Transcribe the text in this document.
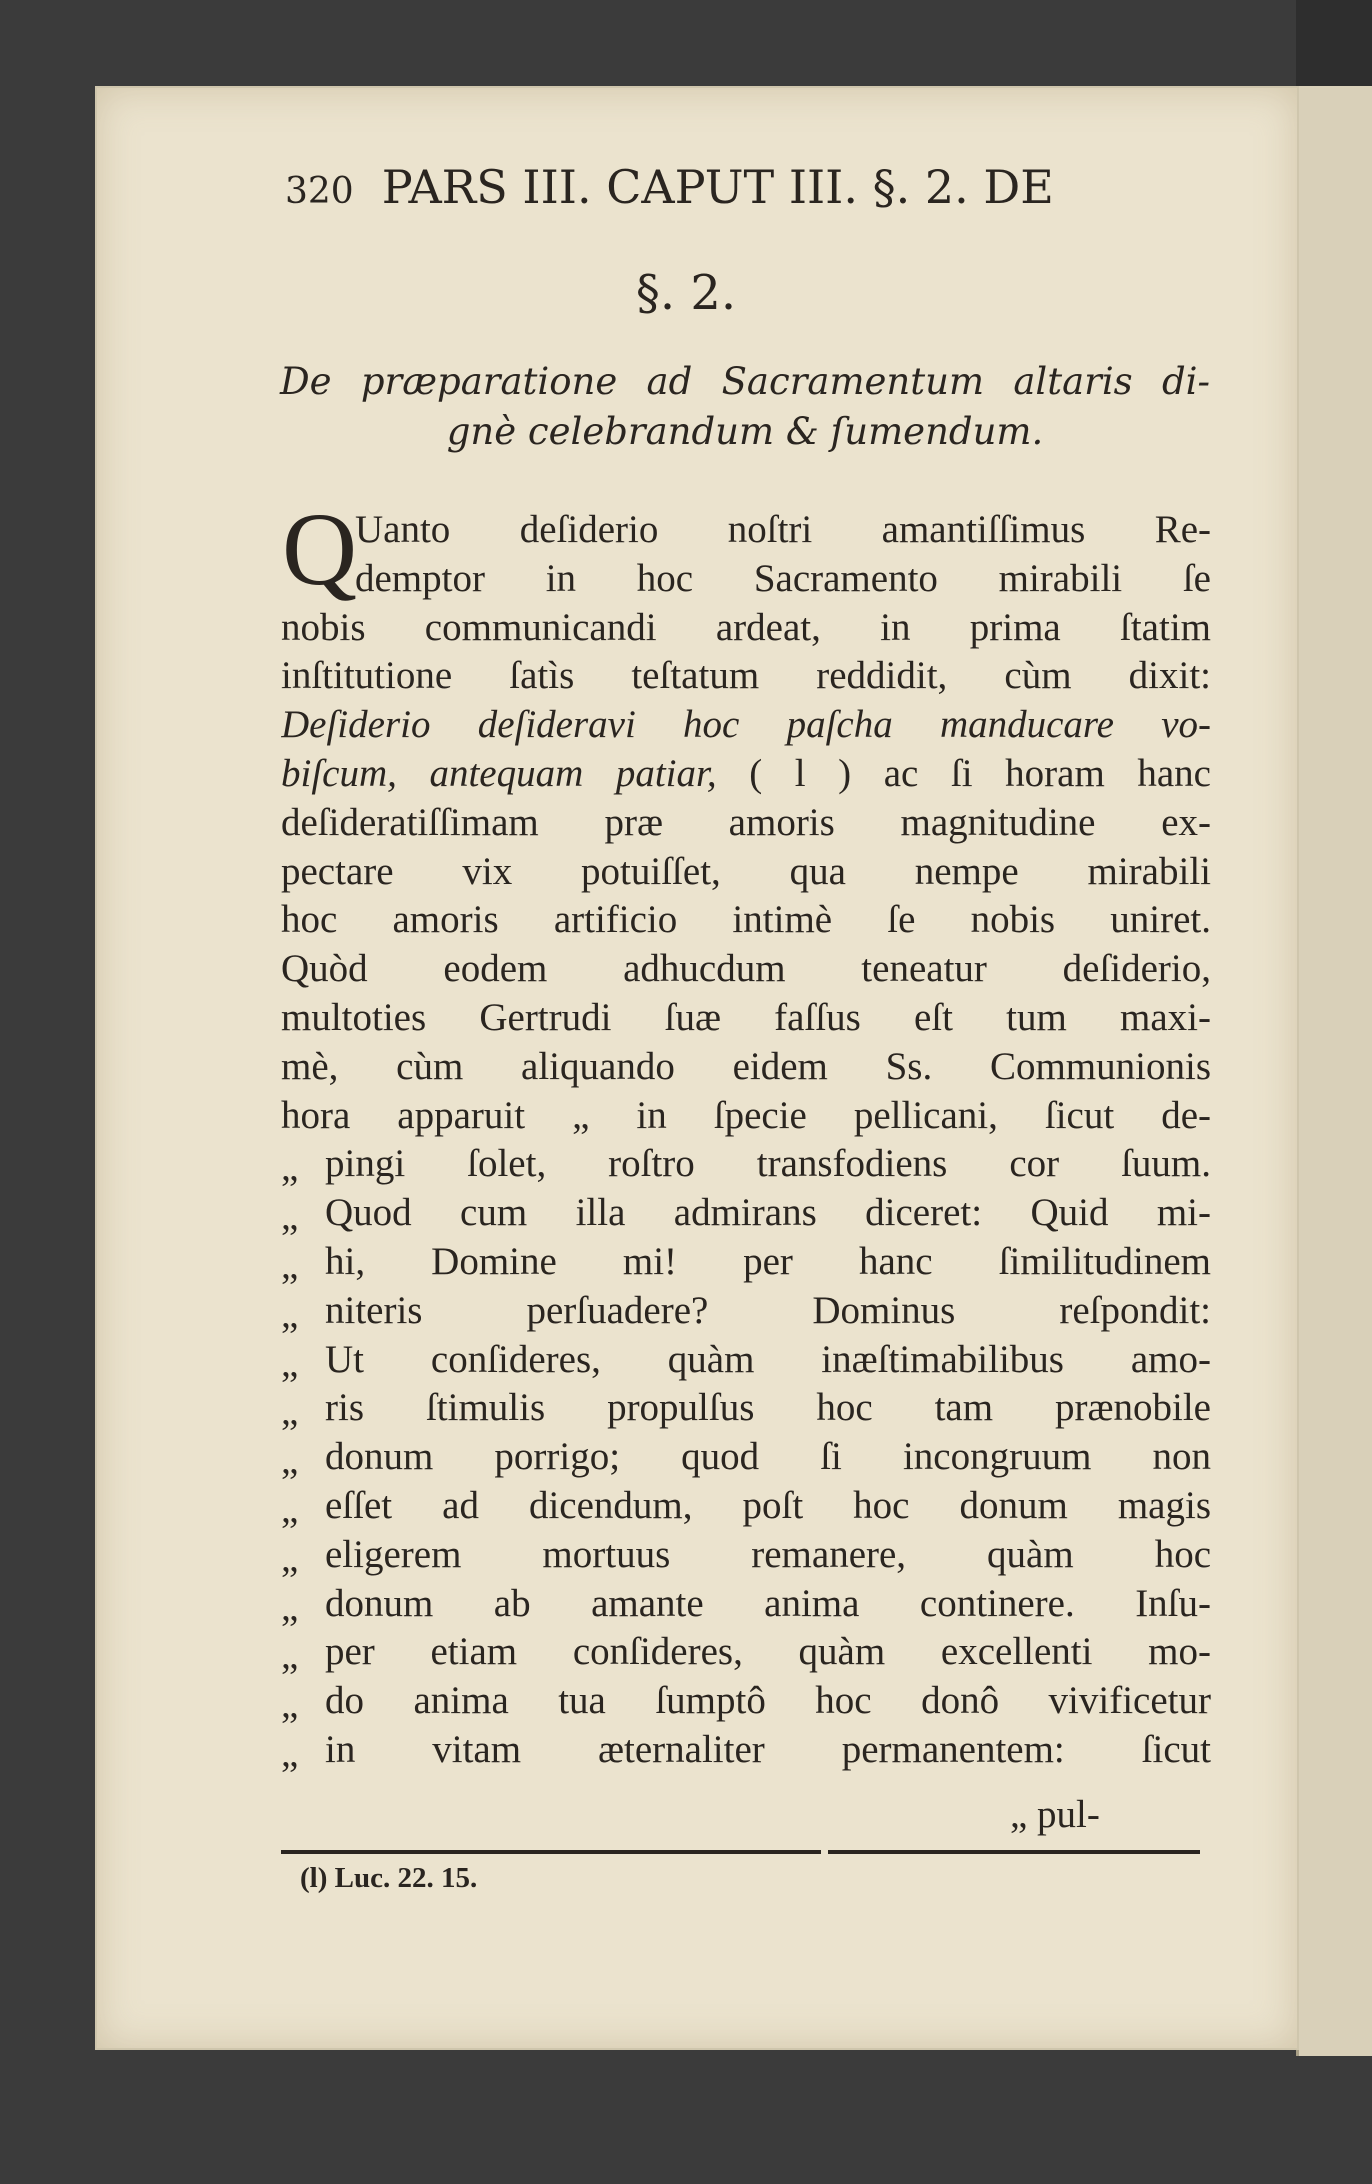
320 PARS III. CAPUT III. §. 2. DE
§. 2.
De præparatione ad Sacramentum altaris di-
gnè celebrandum & ſumendum.
Q
Uanto deſiderio noſtri amantiſſimus Re-
demptor in hoc Sacramento mirabili ſe
nobis communicandi ardeat, in prima ſtatim
inſtitutione ſatìs teſtatum reddidit, cùm dixit:
Deſiderio deſideravi hoc paſcha manducare vo-
biſcum, antequam patiar, ( l ) ac ſi horam hanc
deſideratiſſimam præ amoris magnitudine ex-
pectare vix potuiſſet, qua nempe mirabili
hoc amoris artificio intimè ſe nobis uniret.
Quòd eodem adhucdum teneatur deſiderio,
multoties Gertrudi ſuæ faſſus eſt tum maxi-
mè, cùm aliquando eidem Ss. Communionis
hora apparuit „ in ſpecie pellicani, ſicut de-
„ pingi ſolet, roſtro transfodiens cor ſuum.
„ Quod cum illa admirans diceret: Quid mi-
„ hi, Domine mi! per hanc ſimilitudinem
„ niteris perſuadere? Dominus reſpondit:
„ Ut conſideres, quàm inæſtimabilibus amo-
„ ris ſtimulis propulſus hoc tam prænobile
„ donum porrigo; quod ſi incongruum non
„ eſſet ad dicendum, poſt hoc donum magis
„ eligerem mortuus remanere, quàm hoc
„ donum ab amante anima continere. Inſu-
„ per etiam conſideres, quàm excellenti mo-
„ do anima tua ſumptô hoc donô vivificetur
„ in vitam æternaliter permanentem: ſicut
„ pul-
(l) Luc. 22. 15.
